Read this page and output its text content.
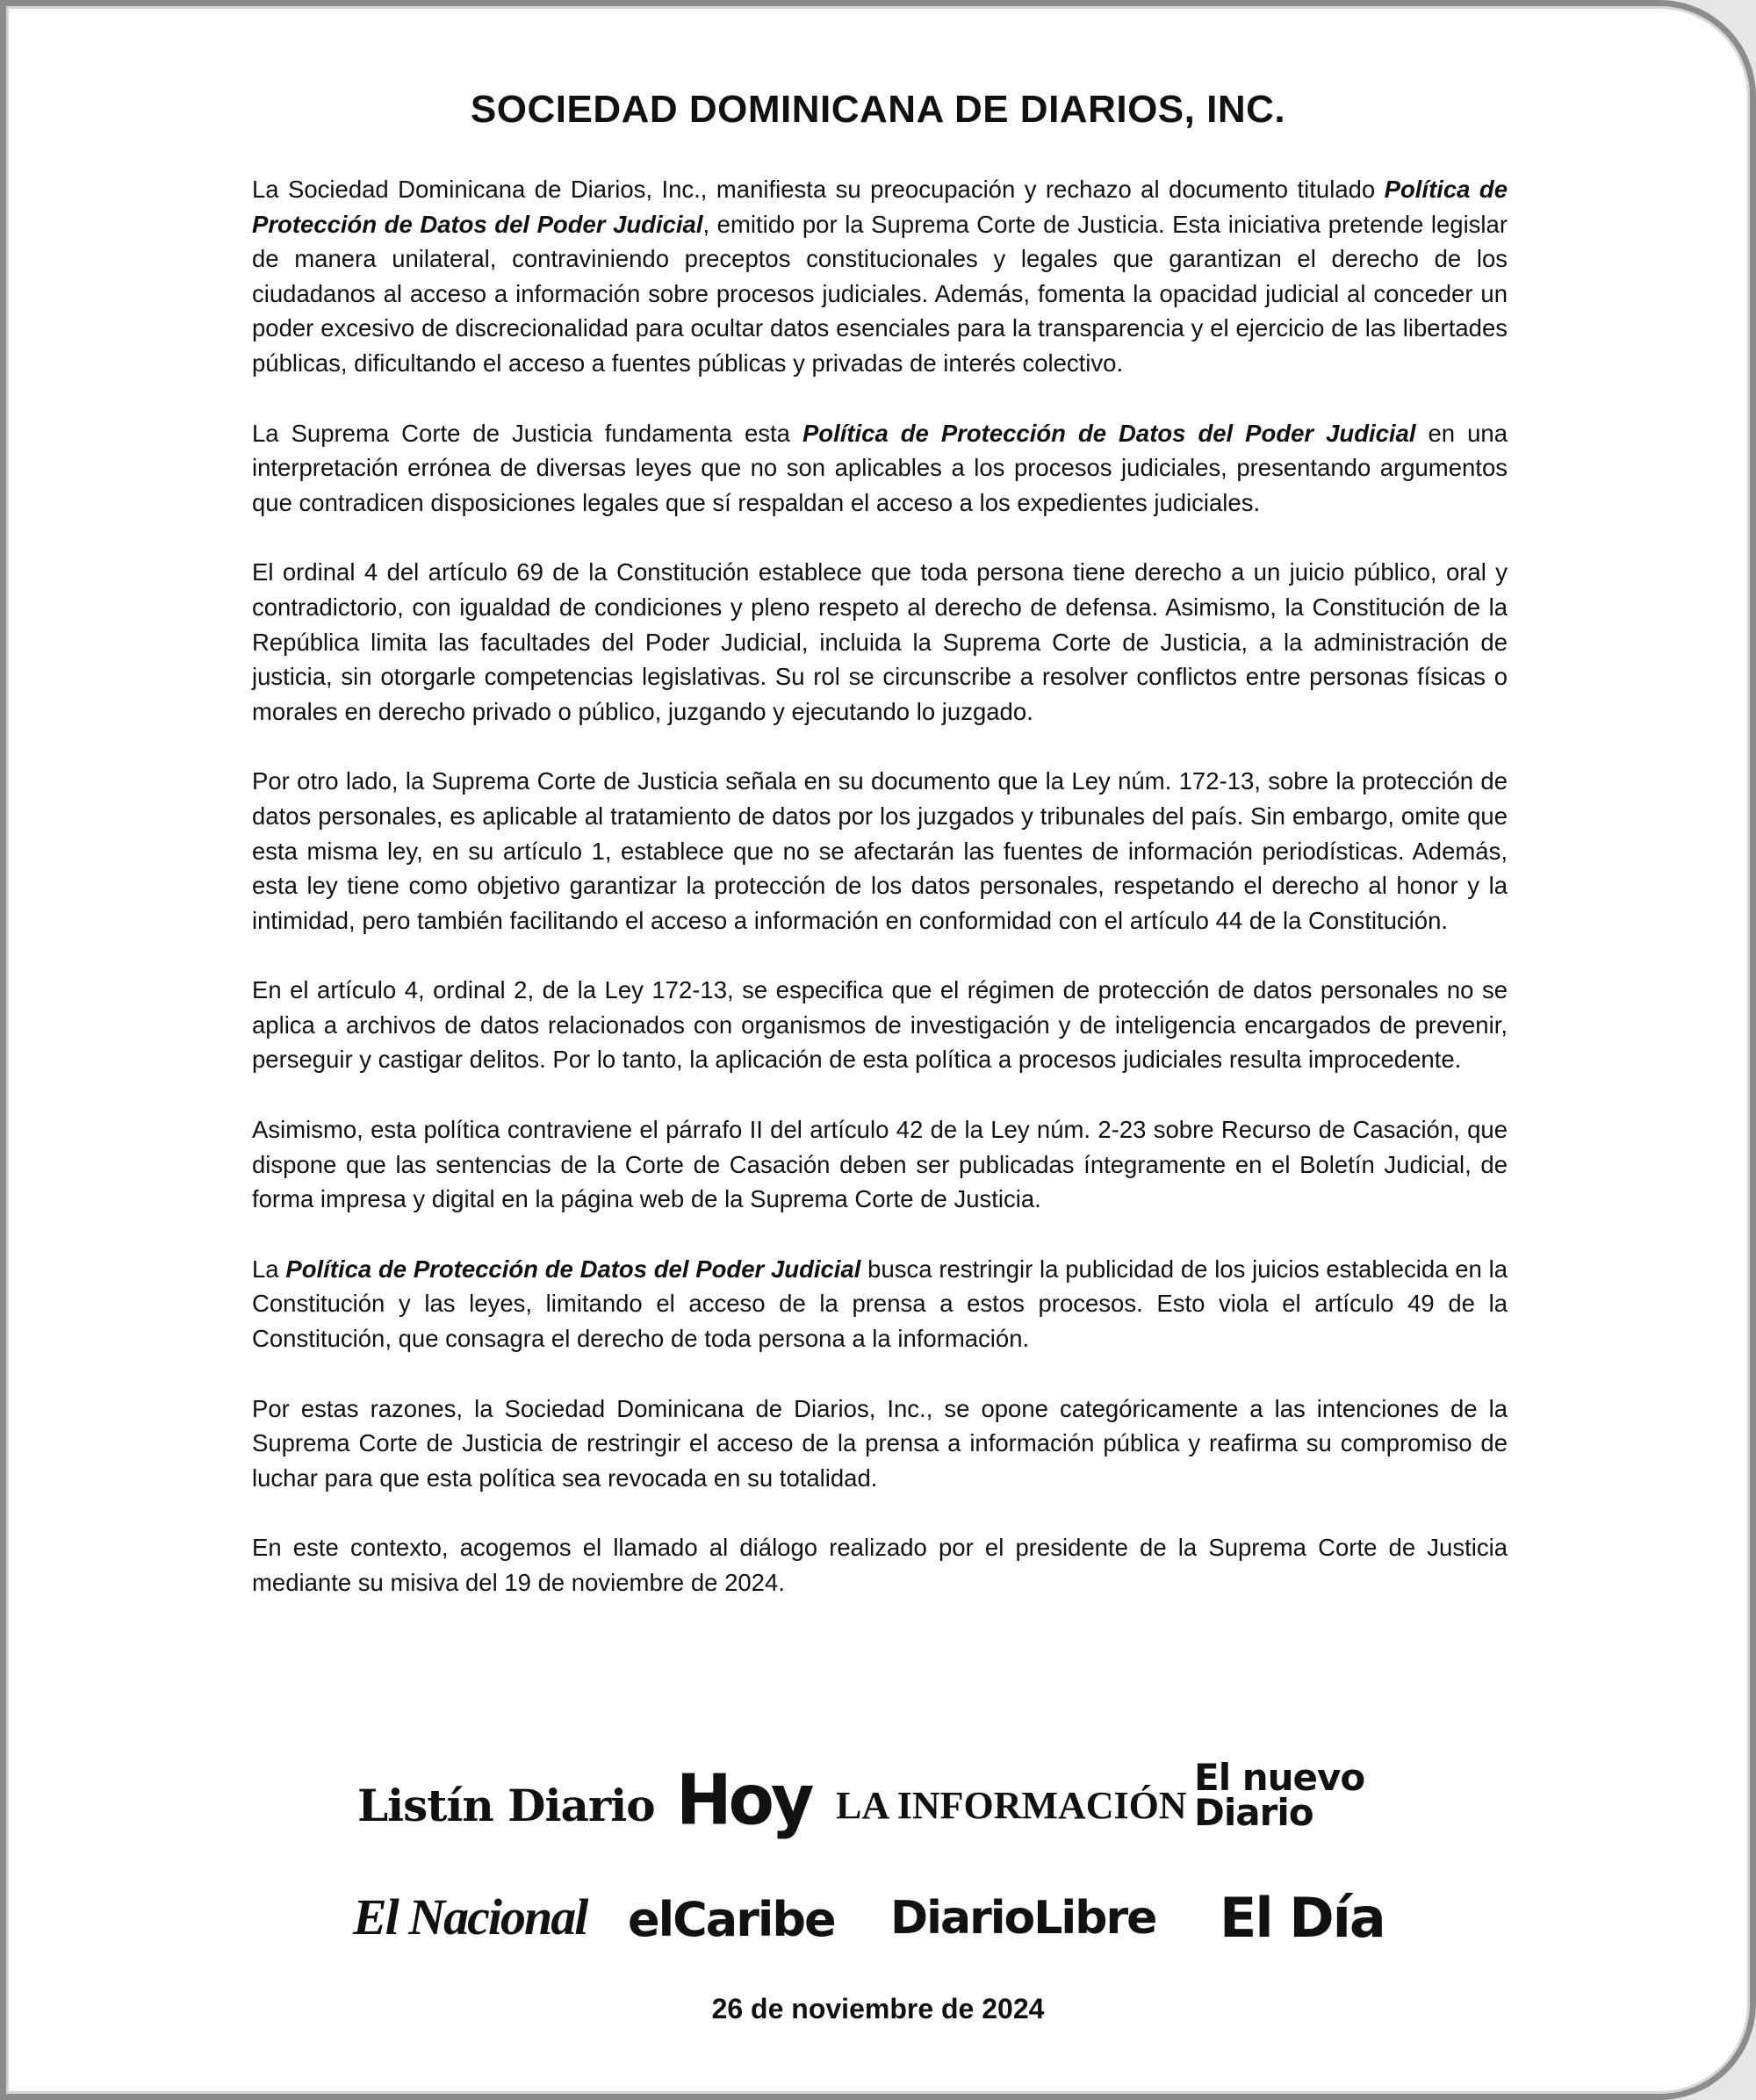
SOCIEDAD DOMINICANA DE DIARIOS, INC.

La Sociedad Dominicana de Diarios, Inc., manifiesta su preocupación y rechazo al documento titulado Política de Protección de Datos del Poder Judicial, emitido por la Suprema Corte de Justicia. Esta iniciativa pretende legislar de manera unilateral, contraviniendo preceptos constitucionales y legales que garantizan el derecho de los ciudadanos al acceso a información sobre procesos judiciales. Además, fomenta la opacidad judicial al conceder un poder excesivo de discrecionalidad para ocultar datos esenciales para la transparencia y el ejercicio de las libertades públicas, dificultando el acceso a fuentes públicas y privadas de interés colectivo.

La Suprema Corte de Justicia fundamenta esta Política de Protección de Datos del Poder Judicial en una interpretación errónea de diversas leyes que no son aplicables a los procesos judiciales, presentando argumentos que contradicen disposiciones legales que sí respaldan el acceso a los expedientes judiciales.

El ordinal 4 del artículo 69 de la Constitución establece que toda persona tiene derecho a un juicio público, oral y contradictorio, con igualdad de condiciones y pleno respeto al derecho de defensa. Asimismo, la Constitución de la República limita las facultades del Poder Judicial, incluida la Suprema Corte de Justicia, a la administración de justicia, sin otorgarle competencias legislativas. Su rol se circunscribe a resolver conflictos entre personas físicas o morales en derecho privado o público, juzgando y ejecutando lo juzgado.

Por otro lado, la Suprema Corte de Justicia señala en su documento que la Ley núm. 172-13, sobre la protección de datos personales, es aplicable al tratamiento de datos por los juzgados y tribunales del país. Sin embargo, omite que esta misma ley, en su artículo 1, establece que no se afectarán las fuentes de información periodísticas. Además, esta ley tiene como objetivo garantizar la protección de los datos personales, respetando el derecho al honor y la intimidad, pero también facilitando el acceso a información en conformidad con el artículo 44 de la Constitución.

En el artículo 4, ordinal 2, de la Ley 172-13, se especifica que el régimen de protección de datos personales no se aplica a archivos de datos relacionados con organismos de investigación y de inteligencia encargados de prevenir, perseguir y castigar delitos. Por lo tanto, la aplicación de esta política a procesos judiciales resulta improcedente.

Asimismo, esta política contraviene el párrafo II del artículo 42 de la Ley núm. 2-23 sobre Recurso de Casación, que dispone que las sentencias de la Corte de Casación deben ser publicadas íntegramente en el Boletín Judicial, de forma impresa y digital en la página web de la Suprema Corte de Justicia.

La Política de Protección de Datos del Poder Judicial busca restringir la publicidad de los juicios establecida en la Constitución y las leyes, limitando el acceso de la prensa a estos procesos. Esto viola el artículo 49 de la Constitución, que consagra el derecho de toda persona a la información.

Por estas razones, la Sociedad Dominicana de Diarios, Inc., se opone categóricamente a las intenciones de la Suprema Corte de Justicia de restringir el acceso de la prensa a información pública y reafirma su compromiso de luchar para que esta política sea revocada en su totalidad.

En este contexto, acogemos el llamado al diálogo realizado por el presidente de la Suprema Corte de Justicia mediante su misiva del 19 de noviembre de 2024.

Listín Diario Hoy LA INFORMACIÓN
El nuevo
Diario
El Nacional elCaribe DiarioLibre El Día
26 de noviembre de 2024
